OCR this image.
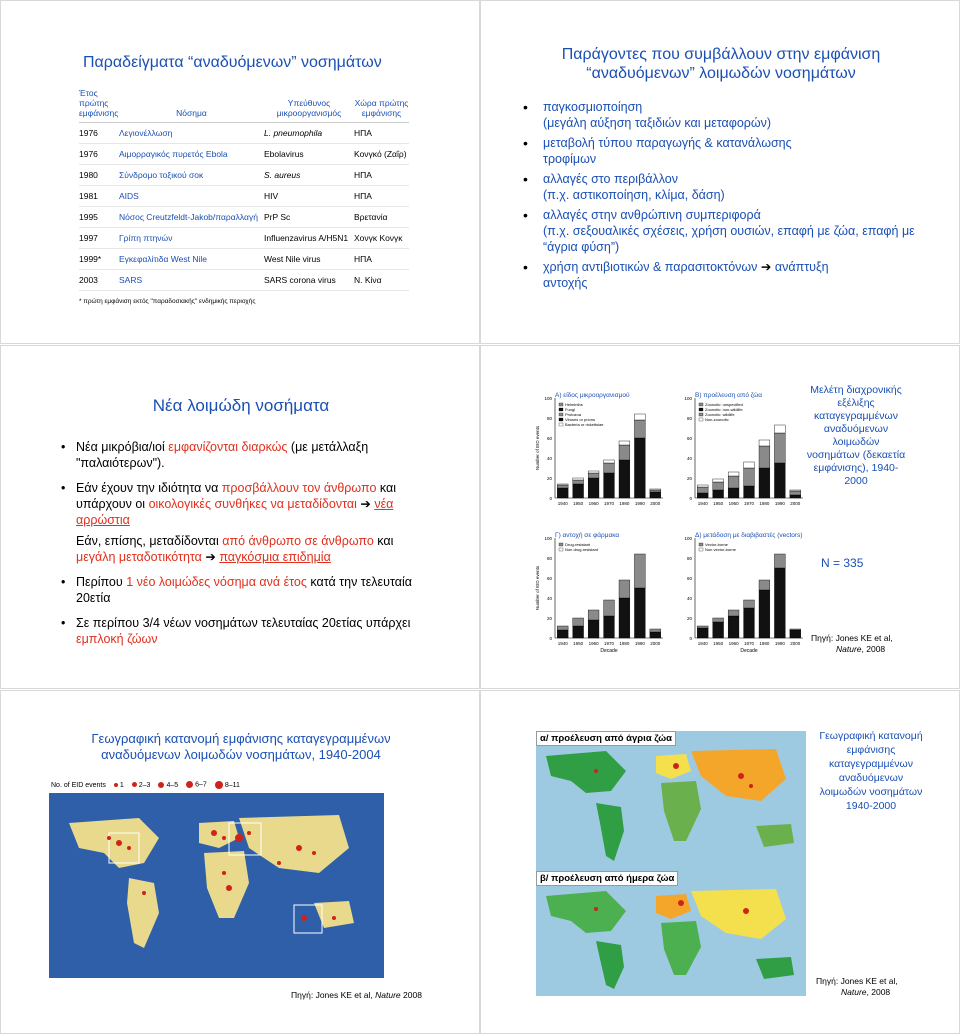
Παραδείγματα “αναδυόμενων” νοσημάτων
Έτος πρώτης εμφάνισης	Νόσημα	Υπεύθυνος μικροοργανισμός	Χώρα πρώτης εμφάνισης
1976	Λεγιονέλλωση	L. pneumophila	ΗΠΑ
1976	Αιμορραγικός πυρετός Ebola	Ebolavirus	Κονγκό (Ζαΐρ)
1980	Σύνδρομο τοξικού σοκ	S. aureus	ΗΠΑ
1981	AIDS	HIV	ΗΠΑ
1995	Νόσος Creutzfeldt-Jakob/παραλλαγή	PrP Sc	Βρετανία
1997	Γρίπη πτηνών	Influenzavirus A/H5N1	Χονγκ Κονγκ
1999*	Εγκεφαλίτιδα West Nile	West Nile virus	ΗΠΑ
2003	SARS	SARS corona virus	Ν. Κίνα
* πρώτη εμφάνιση εκτός "παραδοσιακής" ενδημικής περιοχής
Παράγοντες που συμβάλλουν στην εμφάνιση “αναδυόμενων” λοιμωδών νοσημάτων
• παγκοσμιοποίηση
(μεγάλη αύξηση ταξιδιών και μεταφορών)
• μεταβολή τύπου παραγωγής & κατανάλωσης
τροφίμων
• αλλαγές στο περιβάλλον
(π.χ. αστικοποίηση, κλίμα, δάση)
• αλλαγές στην ανθρώπινη συμπεριφορά
(π.χ. σεξουαλικές σχέσεις, χρήση ουσιών, επαφή με ζώα, επαφή με “άγρια φύση”)
• χρήση αντιβιοτικών & παρασιτοκτόνων ➔ ανάπτυξη
αντοχής
Νέα λοιμώδη νοσήματα
• Νέα μικρόβια/ιοί εμφανίζονται διαρκώς (με μετάλλαξη "παλαιότερων").
• Εάν έχουν την ιδιότητα να προσβάλλουν τον άνθρωπο και υπάρχουν οι οικολογικές συνθήκες να μεταδίδονται ➔ νέα αρρώστια
Εάν, επίσης, μεταδίδονται από άνθρωπο σε άνθρωπο και μεγάλη μεταδοτικότητα ➔ παγκόσμια επιδημία
• Περίπου 1 νέο λοιμώδες νόσημα ανά έτος κατά την τελευταία 20ετία
• Σε περίπου 3/4 νέων νοσημάτων τελευταίας 20ετίας υπάρχει εμπλοκή ζώων
Α) είδος μικροοργανισμού
0
20
40
60
80
100
1940 1950 1960 1970 1980 1990 2000
Helminths
Fungi
Protozoa
Viruses or prions
Bacteria or rickettsiae
Number of EID events
Β) προέλευση από ζώα
0
20
40
60
80
100
1940 1950 1960 1970 1980 1990 2000
Zoonotic: unspecified
Zoonotic: non-wildlife
Zoonotic: wildlife
Non-zoonotic
Γ) αντοχή σε φάρμακα
0
20
40
60
80
100
1940 1950 1960 1970 1980 1990 2000
Drug-resistant
Non drug-resistant
Decade
Number of EID events
Δ) μετάδοση με διαβιβαστές (vectors)
0
20
40
60
80
100
1940 1950 1960 1970 1980 1990 2000
Vector-borne
Non vector-borne
Decade
Μελέτη διαχρονικής εξέλιξης καταγεγραμμένων αναδυόμενων λοιμωδών νοσημάτων (δεκαετία εμφάνισης), 1940-2000
N = 335
Πηγή: Jones KE et al,
Nature, 2008
Γεωγραφική κατανομή εμφάνισης καταγεγραμμένων αναδυόμενων λοιμωδών νοσημάτων, 1940-2004
No. of EID events	1	2–3	4–5	6–7	8–11
Πηγή: Jones KE et al, Nature 2008
α/ προέλευση από άγρια ζώα
β/ προέλευση από ήμερα ζώα
Γεωγραφική κατανομή εμφάνισης καταγεγραμμένων αναδυόμενων λοιμωδών νοσημάτων 1940-2000
Πηγή: Jones KE et al,
Nature, 2008
